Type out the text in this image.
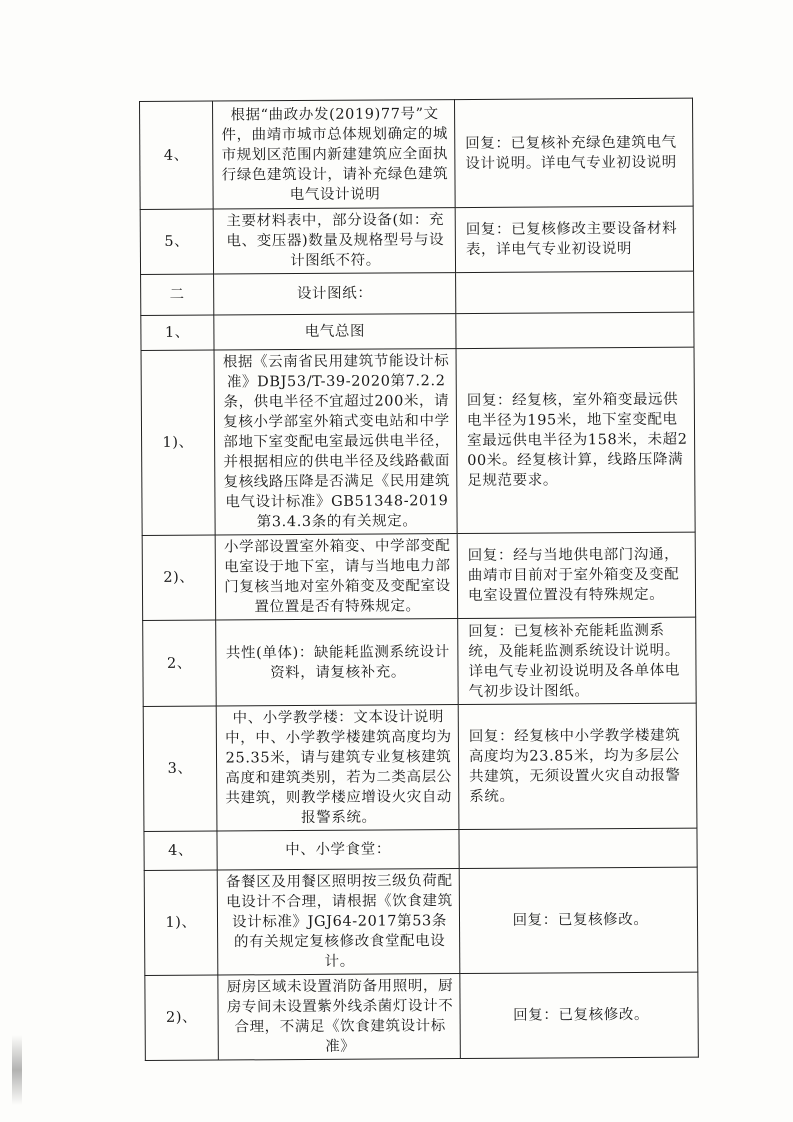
4、	根据“曲政办发(2019)77号”文件，曲靖市城市总体规划确定的城市规划区范围内新建建筑应全面执行绿色建筑设计，请补充绿色建筑电气设计说明	回复：已复核补充绿色建筑电气设计说明。详电气专业初设说明
5、	主要材料表中，部分设备(如：充电、变压器)数量及规格型号与设计图纸不符。	回复：已复核修改主要设备材料表，详电气专业初设说明
二	设计图纸：	
1、	电气总图	
1)、	根据《云南省民用建筑节能设计标准》DBJ53/T-39-2020第7.2.2条，供电半径不宜超过200米，请复核小学部室外箱式变电站和中学部地下室变配电室最远供电半径，并根据相应的供电半径及线路截面复核线路压降是否满足《民用建筑电气设计标准》GB51348-2019第3.4.3条的有关规定。	回复：经复核，室外箱变最远供电半径为195米，地下室变配电室最远供电半径为158米，未超200米。经复核计算，线路压降满足规范要求。
2)、	小学部设置室外箱变、中学部变配电室设于地下室，请与当地电力部门复核当地对室外箱变及变配室设置位置是否有特殊规定。	回复：经与当地供电部门沟通，曲靖市目前对于室外箱变及变配电室设置位置没有特殊规定。
2、	共性(单体)：缺能耗监测系统设计资料，请复核补充。	回复：已复核补充能耗监测系统，及能耗监测系统设计说明。详电气专业初设说明及各单体电气初步设计图纸。
3、	中、小学教学楼：文本设计说明中，中、小学教学楼建筑高度均为25.35米，请与建筑专业复核建筑高度和建筑类别，若为二类高层公共建筑，则教学楼应增设火灾自动报警系统。	回复：经复核中小学教学楼建筑高度均为23.85米，均为多层公共建筑，无须设置火灾自动报警系统。
4、	中、小学食堂：	
1)、	备餐区及用餐区照明按三级负荷配电设计不合理，请根据《饮食建筑设计标准》JGJ64-2017第53条的有关规定复核修改食堂配电设计。	回复：已复核修改。
2)、	厨房区域未设置消防备用照明，厨房专间未设置紫外线杀菌灯设计不合理，不满足《饮食建筑设计标准》	回复：已复核修改。
